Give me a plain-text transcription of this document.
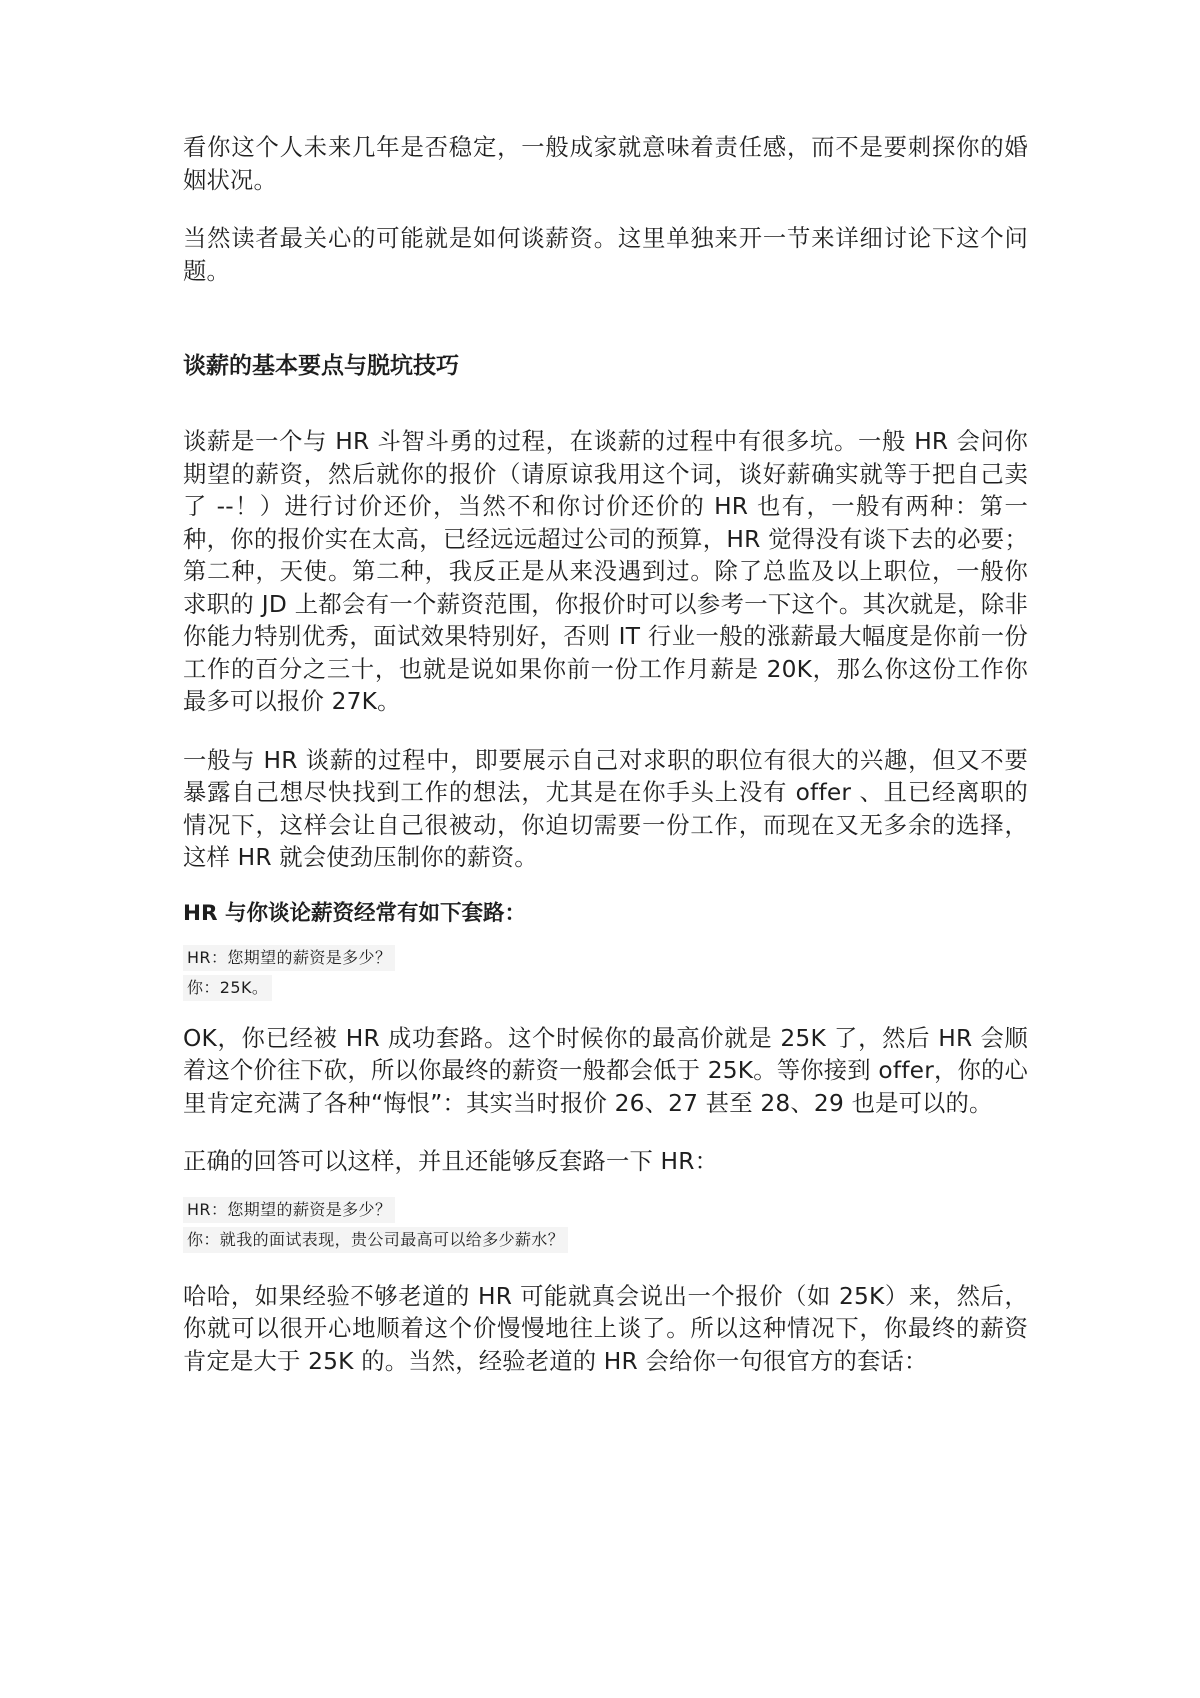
看你这个人未来几年是否稳定，一般成家就意味着责任感，而不是要刺探你的婚姻状况。

当然读者最关心的可能就是如何谈薪资。这里单独来开一节来详细讨论下这个问题。

谈薪的基本要点与脱坑技巧

谈薪是一个与 HR 斗智斗勇的过程，在谈薪的过程中有很多坑。一般 HR 会问你期望的薪资，然后就你的报价（请原谅我用这个词，谈好薪确实就等于把自己卖了 --！）进行讨价还价，当然不和你讨价还价的 HR 也有，一般有两种：第一种，你的报价实在太高，已经远远超过公司的预算，HR 觉得没有谈下去的必要；第二种，天使。第二种，我反正是从来没遇到过。除了总监及以上职位，一般你求职的 JD 上都会有一个薪资范围，你报价时可以参考一下这个。其次就是，除非你能力特别优秀，面试效果特别好，否则 IT 行业一般的涨薪最大幅度是你前一份工作的百分之三十，也就是说如果你前一份工作月薪是 20K，那么你这份工作你最多可以报价 27K。

一般与 HR 谈薪的过程中，即要展示自己对求职的职位有很大的兴趣，但又不要暴露自己想尽快找到工作的想法，尤其是在你手头上没有 offer 、且已经离职的情况下，这样会让自己很被动，你迫切需要一份工作，而现在又无多余的选择，这样 HR 就会使劲压制你的薪资。

HR 与你谈论薪资经常有如下套路：
HR：您期望的薪资是多少？
你：25K。

OK，你已经被 HR 成功套路。这个时候你的最高价就是 25K 了，然后 HR 会顺着这个价往下砍，所以你最终的薪资一般都会低于 25K。等你接到 offer，你的心里肯定充满了各种“悔恨”：其实当时报价 26、27 甚至 28、29 也是可以的。

正确的回答可以这样，并且还能够反套路一下 HR：

HR：您期望的薪资是多少？
你：就我的面试表现，贵公司最高可以给多少薪水？

哈哈，如果经验不够老道的 HR 可能就真会说出一个报价（如 25K）来，然后，你就可以很开心地顺着这个价慢慢地往上谈了。所以这种情况下，你最终的薪资肯定是大于 25K 的。当然，经验老道的 HR 会给你一句很官方的套话：
